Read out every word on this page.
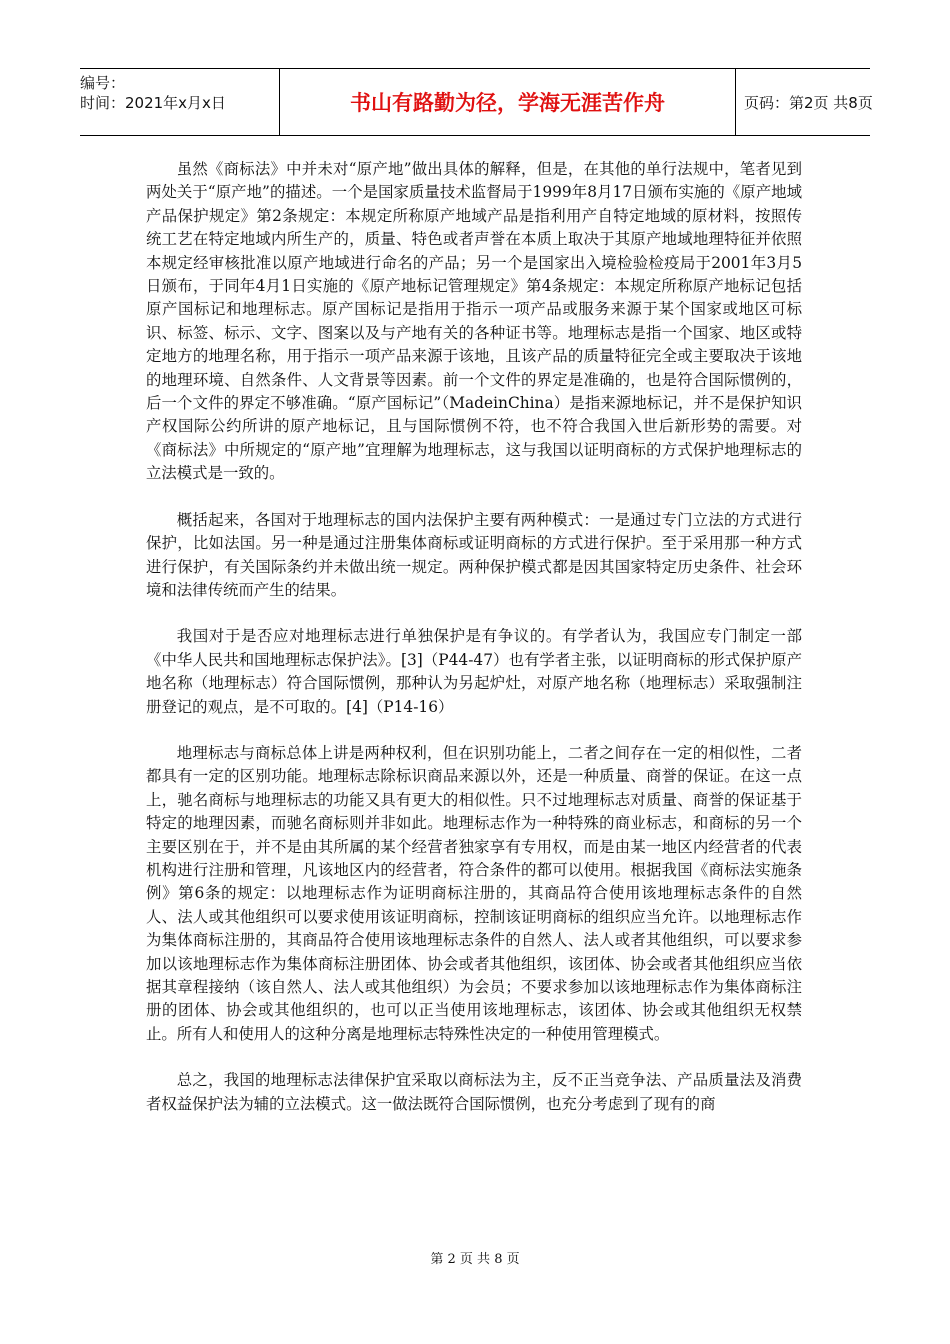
编号：
时间：2021年x月x日	书山有路勤为径，学海无涯苦作舟	页码：第2页 共8页

虽然《商标法》中并未对“原产地”做出具体的解释，但是，在其他的单行法规中，笔者见到两处关于“原产地”的描述。一个是国家质量技术监督局于1999年8月17日颁布实施的《原产地域产品保护规定》第2条规定：本规定所称原产地域产品是指利用产自特定地域的原材料，按照传统工艺在特定地域内所生产的，质量、特色或者声誉在本质上取决于其原产地域地理特征并依照本规定经审核批准以原产地域进行命名的产品；另一个是国家出入境检验检疫局于2001年3月5日颁布，于同年4月1日实施的《原产地标记管理规定》第4条规定：本规定所称原产地标记包括原产国标记和地理标志。原产国标记是指用于指示一项产品或服务来源于某个国家或地区可标识、标签、标示、文字、图案以及与产地有关的各种证书等。地理标志是指一个国家、地区或特定地方的地理名称，用于指示一项产品来源于该地，且该产品的质量特征完全或主要取决于该地的地理环境、自然条件、人文背景等因素。前一个文件的界定是准确的，也是符合国际惯例的，后一个文件的界定不够准确。“原产国标记”（MadeinChina）是指来源地标记，并不是保护知识产权国际公约所讲的原产地标记，且与国际惯例不符，也不符合我国入世后新形势的需要。对《商标法》中所规定的“原产地”宜理解为地理标志，这与我国以证明商标的方式保护地理标志的立法模式是一致的。

概括起来，各国对于地理标志的国内法保护主要有两种模式：一是通过专门立法的方式进行保护，比如法国。另一种是通过注册集体商标或证明商标的方式进行保护。至于采用那一种方式进行保护，有关国际条约并未做出统一规定。两种保护模式都是因其国家特定历史条件、社会环境和法律传统而产生的结果。

我国对于是否应对地理标志进行单独保护是有争议的。有学者认为，我国应专门制定一部《中华人民共和国地理标志保护法》。[3]（P44-47）也有学者主张，以证明商标的形式保护原产地名称（地理标志）符合国际惯例，那种认为另起炉灶，对原产地名称（地理标志）采取强制注册登记的观点，是不可取的。[4]（P14-16）

地理标志与商标总体上讲是两种权利，但在识别功能上，二者之间存在一定的相似性，二者都具有一定的区别功能。地理标志除标识商品来源以外，还是一种质量、商誉的保证。在这一点上，驰名商标与地理标志的功能又具有更大的相似性。只不过地理标志对质量、商誉的保证基于特定的地理因素，而驰名商标则并非如此。地理标志作为一种特殊的商业标志，和商标的另一个主要区别在于，并不是由其所属的某个经营者独家享有专用权，而是由某一地区内经营者的代表机构进行注册和管理，凡该地区内的经营者，符合条件的都可以使用。根据我国《商标法实施条例》第6条的规定：以地理标志作为证明商标注册的，其商品符合使用该地理标志条件的自然人、法人或其他组织可以要求使用该证明商标，控制该证明商标的组织应当允许。以地理标志作为集体商标注册的，其商品符合使用该地理标志条件的自然人、法人或者其他组织，可以要求参加以该地理标志作为集体商标注册团体、协会或者其他组织，该团体、协会或者其他组织应当依据其章程接纳（该自然人、法人或其他组织）为会员；不要求参加以该地理标志作为集体商标注册的团体、协会或其他组织的，也可以正当使用该地理标志，该团体、协会或其他组织无权禁止。所有人和使用人的这种分离是地理标志特殊性决定的一种使用管理模式。

总之，我国的地理标志法律保护宜采取以商标法为主，反不正当竞争法、产品质量法及消费者权益保护法为辅的立法模式。这一做法既符合国际惯例，也充分考虑到了现有的商

第 2 页 共 8 页
